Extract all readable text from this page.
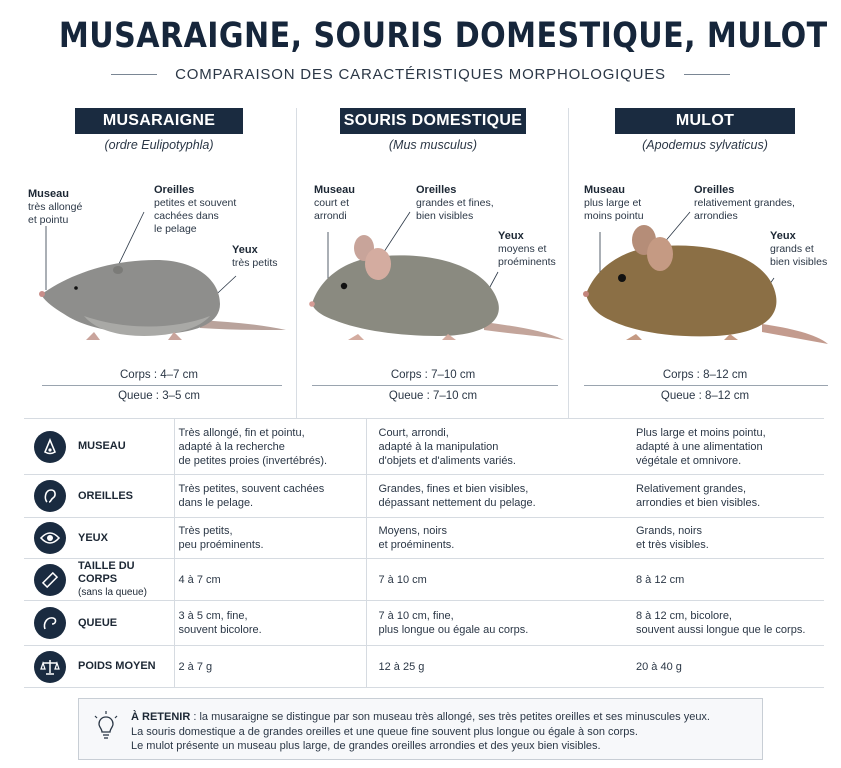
MUSARAIGNE, SOURIS DOMESTIQUE, MULOT
COMPARAISON DES CARACTÉRISTIQUES MORPHOLOGIQUES
MUSARAIGNE
(ordre Eulipotyphla)
Museau
très allongé
et pointu
Oreilles
petites et souvent
cachées dans
le pelage
Yeux
très petits
Corps : 4–7 cm
Queue : 3–5 cm
SOURIS DOMESTIQUE
(Mus musculus)
Museau
court et
arrondi
Oreilles
grandes et fines,
bien visibles
Yeux
moyens et
proéminents
Corps : 7–10 cm
Queue : 7–10 cm
MULOT
(Apodemus sylvaticus)
Museau
plus large et
moins pointu
Oreilles
relativement grandes,
arrondies
Yeux
grands et
bien visibles
Corps : 8–12 cm
Queue : 8–12 cm
MUSEAU	Très allongé, fin et pointu,
adapté à la recherche
de petites proies (invertébrés).	Court, arrondi,
adapté à la manipulation
d'objets et d'aliments variés.	Plus large et moins pointu,
adapté à une alimentation
végétale et omnivore.

OREILLES	Très petites, souvent cachées
dans le pelage.	Grandes, fines et bien visibles,
dépassant nettement du pelage.	Relativement grandes,
arrondies et bien visibles.

YEUX	Très petits,
peu proéminents.	Moyens, noirs
et proéminents.	Grands, noirs
et très visibles.

TAILLE DU CORPS
(sans la queue)	4 à 7 cm	7 à 10 cm	8 à 12 cm

QUEUE	3 à 5 cm, fine,
souvent bicolore.	7 à 10 cm, fine,
plus longue ou égale au corps.	8 à 12 cm, bicolore,
souvent aussi longue que le corps.

POIDS MOYEN	2 à 7 g	12 à 25 g	20 à 40 g
À RETENIR : la musaraigne se distingue par son museau très allongé, ses très petites oreilles et ses minuscules yeux.
La souris domestique a de grandes oreilles et une queue fine souvent plus longue ou égale à son corps.
Le mulot présente un museau plus large, de grandes oreilles arrondies et des yeux bien visibles.
